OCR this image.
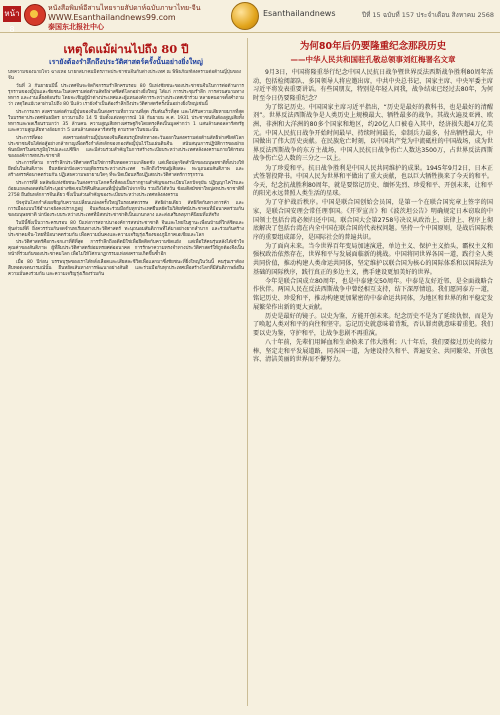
หน้า 8
หนังสือพิมพ์อีสานไทยรายสัปดาห์ฉบับภาษาไทย-จีน
WWW.Esanthailandnews99.com
泰国东北报社中心
Esanthailandnews	ปีที่ 15 ฉบับที่ 157 ประจำเดือน สิงหาคม 2568
เหตุใดแม้ผ่านไปถึง 80 ปี
เรายังต้องรำลึกถึงประวัติศาสตร์ครั้งนั้นอย่างยิ่งใหญ่
บทความของนายโจว ฉางเหอ นายกสมาคมมิตรภาพประชาชนจีนกับต่างประเทศ ณ พิพิธภัณฑ์สงครามต่อต้านญี่ปุ่นของจีน

วันที่ 3 กันยายนปีนี้ ประเทศจีนจะจัดกิจกรรมรำลึกครบรอบ 80 ปีแห่งชัยชนะของประชาชนจีนในการต่อต้านการรุกรานของญี่ปุ่นและชัยชนะในสงครามต่อต้านลัทธิฟาสซิสต์โลกอย่างยิ่งใหญ่ ได้แก่ การประชุมรำลึก การสวนสนามทางทหาร และงานเลี้ยงต้อนรับ โดยจะเชิญผู้นำต่างประเทศและผู้แทนองค์การระหว่างประเทศเข้าร่วม หลายคนอาจตั้งคำถามว่า เหตุใดแม้เวลาผ่านไปถึง 80 ปีแล้ว เรายังจำเป็นต้องรำลึกถึงประวัติศาสตร์ครั้งนั้นอย่างยิ่งใหญ่เช่นนี้

ประการแรก สงครามต่อต้านญี่ปุ่นของจีนเป็นสงครามที่ยาวนานที่สุด เริ่มต้นเร็วที่สุด และได้รับความเสียหายมากที่สุดในบรรดาประเทศพันธมิตร ยาวนานถึง 14 ปี นับตั้งแต่เหตุการณ์ 18 กันยายน ค.ศ. 1931 ประชาชนจีนต้องสูญเสียทั้งทหารและพลเรือนรวมกว่า 35 ล้านคน ความสูญเสียทางเศรษฐกิจโดยตรงคิดเป็นมูลค่ากว่า 1 แสนล้านดอลลาร์สหรัฐ และความสูญเสียทางอ้อมกว่า 5 แสนล้านดอลลาร์สหรัฐ ตามราคาในขณะนั้น

ประการที่สอง สงครามต่อต้านญี่ปุ่นของจีนคือสมรภูมิหลักทางตะวันออกในสงครามต่อต้านลัทธิฟาสซิสต์โลก ประชาชนจีนได้ต่อสู้อย่างกล้าหาญเพื่อตรึงกำลังหลักของกองทัพญี่ปุ่นไว้ในแผ่นดินจีน สนับสนุนการปฏิบัติการของฝ่ายพันธมิตรในสมรภูมิยุโรปและแปซิฟิก และมีส่วนร่วมสำคัญในการสร้างระเบียบระหว่างประเทศหลังสงครามภายใต้กรอบขององค์การสหประชาชาติ

ประการที่สาม การรำลึกประวัติศาสตร์ไม่ใช่การสืบทอดความเกลียดชัง แต่เพื่อปลุกจิตสำนึกของมนุษยชาติทั้งปวงให้ยึดมั่นในสันติภาพ ยืนหยัดปกป้องความยุติธรรมระหว่างประเทศ ระลึกถึงวีรชนผู้เสียสละ ทะนุถนอมสันติภาพ และสร้างสรรค์อนาคตร่วมกัน ปฏิเสธความพยายามใดๆ ที่จะบิดเบือนหรือปฏิเสธประวัติศาสตร์การรุกราน

ประการที่สี่ ผลลัพธ์แห่งชัยชนะในสงครามโลกครั้งที่สองเป็นรากฐานสำคัญของระเบียบโลกปัจจุบัน ปฏิญญาไคโรและถ้อยแถลงพอตสดัมได้ระบุอย่างชัดเจนให้คืนดินแดนที่ญี่ปุ่นยึดไปจากจีน รวมถึงไต้หวัน ข้อมติสมัชชาใหญ่สหประชาชาติที่ 2758 ยืนยันหลักการจีนเดียว ซึ่งเป็นส่วนสำคัญของระเบียบระหว่างประเทศหลังสงคราม

ปัจจุบันโลกกำลังเผชิญกับความเปลี่ยนแปลงครั้งใหญ่ในรอบศตวรรษ ลัทธิฝ่ายเดียว ลัทธิกีดกันทางการค้า และการเมืองแบบใช้อำนาจยังคงปรากฏอยู่ จีนพร้อมจะร่วมมือกับทุกประเทศยืนหยัดในวิสัยทัศน์ประชาคมที่มีอนาคตร่วมกันของมนุษยชาติ ปกป้องระบบระหว่างประเทศที่มีสหประชาชาติเป็นแกนกลาง และส่งเสริมพหุภาคีนิยมที่แท้จริง

ในปีนี้ซึ่งเป็นวาระครบรอบ 80 ปีแห่งการสถาปนาองค์การสหประชาชาติ จีนและไทยในฐานะเพื่อนบ้านที่ใกล้ชิดและหุ้นส่วนที่ดี ยิ่งควรร่วมกันจดจำบทเรียนทางประวัติศาสตร์ ทะนุถนอมสันติภาพที่ได้มาอย่างยากลำบาก และร่วมกันสร้างประชาคมจีน-ไทยที่มีอนาคตร่วมกัน เพื่อความมั่นคงและความเจริญรุ่งเรืองของภูมิภาคเอเชียและโลก

ประวัติศาสตร์คือกระจกเงาที่ดีที่สุด การรำลึกถึงอดีตมิใช่เพื่อยึดติดกับความขัดแย้ง แต่เพื่อให้คนรุ่นหลังได้เข้าใจคุณค่าของสันติภาพ ผู้ที่ลืมประวัติศาสตร์ย่อมทรยศต่ออนาคต การรักษาความทรงจำทางประวัติศาสตร์ให้ถูกต้องจึงเป็นหน้าที่ร่วมกันของประชาคมโลก เพื่อไม่ให้โศกนาฏกรรมแห่งสงครามเกิดขึ้นซ้ำอีก

เมื่อ 80 ปีก่อน บรรพบุรุษของเราได้หลั่งเลือดและเสียสละชีวิตเพื่อแลกมาซึ่งชัยชนะที่ยิ่งใหญ่ในวันนี้ คนรุ่นเราต้องสืบทอดเจตนารมณ์นั้น ยืนหยัดเส้นทางการพัฒนาอย่างสันติ และร่วมมือกับทุกประเทศเพื่อสร้างโลกที่มีสันติภาพยั่งยืน ความมั่นคงร่วมกัน และความเจริญรุ่งเรืองร่วมกัน

为何80年后仍要隆重纪念那段历史
——中华人民共和国驻孔敬总领事刘红梅署名文章

9月3日，中国将隆重举行纪念中国人民抗日战争暨世界反法西斯战争胜利80周年活动，包括检阅部队、多国领导人将应邀出席，中共中央总书记、国家主席、中央军委主席习近平将发表重要讲话。有些国朋友，特别是年轻人问我，战争结束已经过去80年，为何时至今日仍要隆重纪念？

为了铭记历史。中国国家主席习近平指出，“历史是最好的教科书，也是最好的清醒剂”。世界反法西斯战争是人类历史上规模最大、牺牲最多的战争。其战火遍及亚洲、欧洲、非洲和大洋洲的80多个国家和地区，约20亿人口被卷入其中，经济损失超4万亿美元。中国人民抗日战争开始时间最早、持续时间最长，牵制兵力最多，付出牺牲最大，中国做出了伟大历史贡献。在民族危亡时刻，以中国共产党为中流砥柱的中国战场，成为世界反法西斯战争的东方主战场，中国人民抗日战争伤亡人数达3500万，占世界反法西斯战争伤亡总人数的三分之一以上。

为了珍爱和平。抗日战争胜利是中国人民共同维护的成果。1945年9月2日，日本正式签署投降书。中国人民为世界和平做出了重大贡献，也以巨大牺牲换来了今天的和平。今天，纪念抗战胜利80周年，就是要铭记历史、缅怀先烈、珍爱和平、开创未来，让和平的阳光永远普照人类生活的星球。

为了守护战后秩序。中国是联合国创始会员国，是第一个在联合国宪章上签字的国家，是联合国安理会常任理事国。《开罗宣言》和《波茨坦公告》明确规定日本窃取的中国领土包括台湾必须归还中国。联合国大会第2758号决议从政治上、法律上、程序上彻底解决了包括台湾在内全中国在联合国的代表权问题。坚持一个中国原则，是战后国际秩序的重要组成部分，是国际社会的普遍共识。

为了面向未来。当今世界百年变局加速演进，单边主义、保护主义抬头，霸权主义和强权政治依然存在，世界和平与发展面临新的挑战。中国将同世界各国一道，践行全人类共同价值，推动构建人类命运共同体，坚定维护以联合国为核心的国际体系和以国际法为基础的国际秩序，践行真正的多边主义，携手建设更加美好的世界。

今年是联合国成立80周年，也是中泰建交50周年。中泰是友好近邻、是全面战略合作伙伴。两国人民在反法西斯战争中曾经相互支持，结下深厚情谊。我们愿同泰方一道，铭记历史、珍爱和平，推动构建更加紧密的中泰命运共同体，为地区和世界的和平稳定发展繁荣作出新的更大贡献。

历史是最好的镜子。以史为鉴，方能开创未来。纪念历史不是为了延续仇恨，而是为了唤起人类对和平的向往和坚守。忘记历史就意味着背叛，否认罪责就意味着重犯。我们要以史为鉴，守护和平，让战争悲剧不再重演。

八十年前，先辈们用鲜血和生命换来了伟大胜利；八十年后，我们要接过历史的接力棒，坚定走和平发展道路，同各国一道，为建设持久和平、普遍安全、共同繁荣、开放包容、清洁美丽的世界而不懈努力。
